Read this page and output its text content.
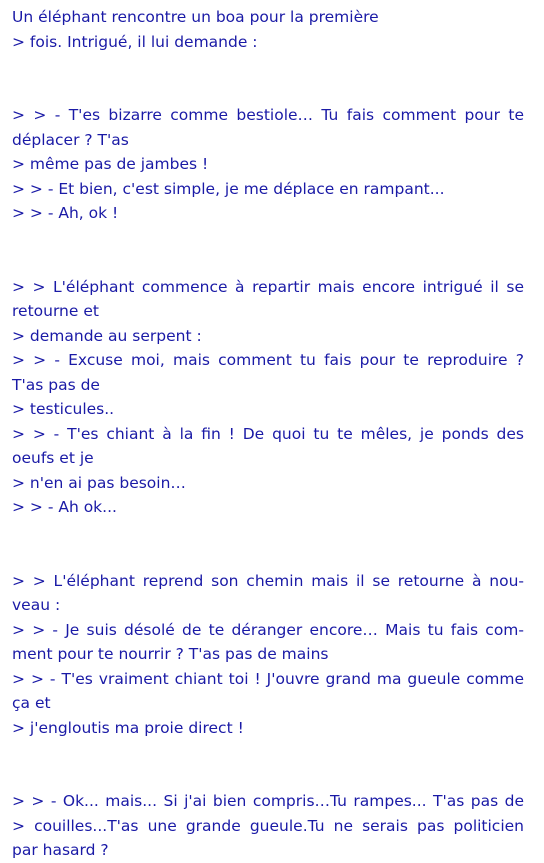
Un éléphant rencontre un boa pour la première
> fois. Intrigué, il lui demande :
> > - T'es bizarre comme bestiole… Tu fais comment pour te
déplacer ? T'as
> même pas de jambes !
> > - Et bien, c'est simple, je me déplace en rampant...
> > - Ah, ok !
> > L'éléphant commence à repartir mais encore intrigué il se
retourne et
> demande au serpent :
> > - Excuse moi, mais comment tu fais pour te reproduire ?
T'as pas de
> testicules..
> > - T'es chiant à la fin ! De quoi tu te mêles, je ponds des
oeufs et je
> n'en ai pas besoin…
> > - Ah ok...
> > L'éléphant reprend son chemin mais il se retourne à nou-
veau :
> > - Je suis désolé de te déranger encore… Mais tu fais com-
ment pour te nourrir ? T'as pas de mains
> > - T'es vraiment chiant toi ! J'ouvre grand ma gueule comme
ça et
> j'engloutis ma proie direct !
> > - Ok... mais... Si j'ai bien compris…Tu rampes... T'as pas de
> couilles...T'as une grande gueule.Tu ne serais pas politicien
par hasard ?
